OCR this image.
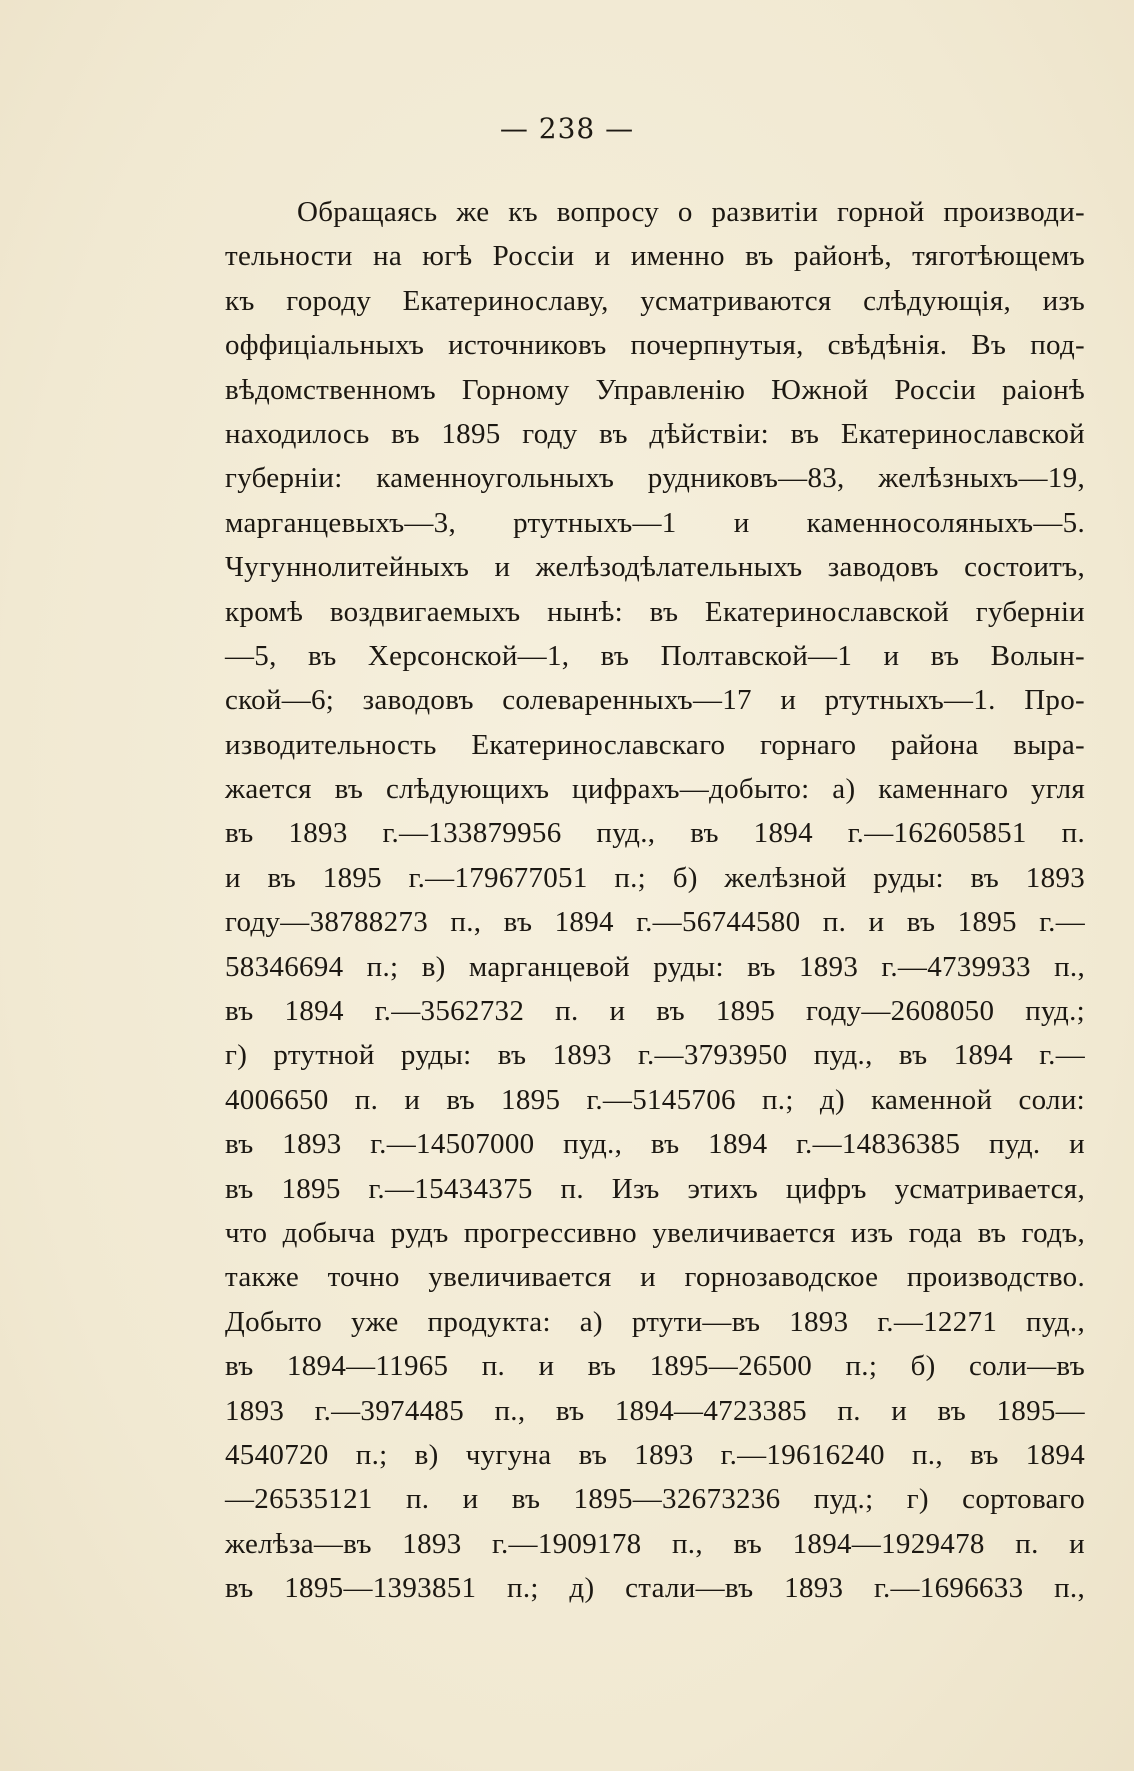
— 238 —
Обращаясь же къ вопросу о развитіи горной производи-
тельности на югѣ Россіи и именно въ районѣ, тяготѣющемъ
къ городу Екатеринославу, усматриваются слѣдующія, изъ
оффиціальныхъ источниковъ почерпнутыя, свѣдѣнія. Въ под-
вѣдомственномъ Горному Управленію Южной Россіи раіонѣ
находилось въ 1895 году въ дѣйствіи: въ Екатеринославской
губерніи: каменноугольныхъ рудниковъ—83, желѣзныхъ—19,
марганцевыхъ—3, ртутныхъ—1 и каменносоляныхъ—5.
Чугуннолитейныхъ и желѣзодѣлательныхъ заводовъ состоитъ,
кромѣ воздвигаемыхъ нынѣ: въ Екатеринославской губерніи
—5, въ Херсонской—1, въ Полтавской—1 и въ Волын-
ской—6; заводовъ солеваренныхъ—17 и ртутныхъ—1. Про-
изводительность Екатеринославскаго горнаго района выра-
жается въ слѣдующихъ цифрахъ—добыто: а) каменнаго угля
въ 1893 г.—133879956 пуд., въ 1894 г.—162605851 п.
и въ 1895 г.—179677051 п.; б) желѣзной руды: въ 1893
году—38788273 п., въ 1894 г.—56744580 п. и въ 1895 г.—
58346694 п.; в) марганцевой руды: въ 1893 г.—4739933 п.,
въ 1894 г.—3562732 п. и въ 1895 году—2608050 пуд.;
г) ртутной руды: въ 1893 г.—3793950 пуд., въ 1894 г.—
4006650 п. и въ 1895 г.—5145706 п.; д) каменной соли:
въ 1893 г.—14507000 пуд., въ 1894 г.—14836385 пуд. и
въ 1895 г.—15434375 п. Изъ этихъ цифръ усматривается,
что добыча рудъ прогрессивно увеличивается изъ года въ годъ,
также точно увеличивается и горнозаводское производство.
Добыто уже продукта: а) ртути—въ 1893 г.—12271 пуд.,
въ 1894—11965 п. и въ 1895—26500 п.; б) соли—въ
1893 г.—3974485 п., въ 1894—4723385 п. и въ 1895—
4540720 п.; в) чугуна въ 1893 г.—19616240 п., въ 1894
—26535121 п. и въ 1895—32673236 пуд.; г) сортоваго
желѣза—въ 1893 г.—1909178 п., въ 1894—1929478 п. и
въ 1895—1393851 п.; д) стали—въ 1893 г.—1696633 п.,
